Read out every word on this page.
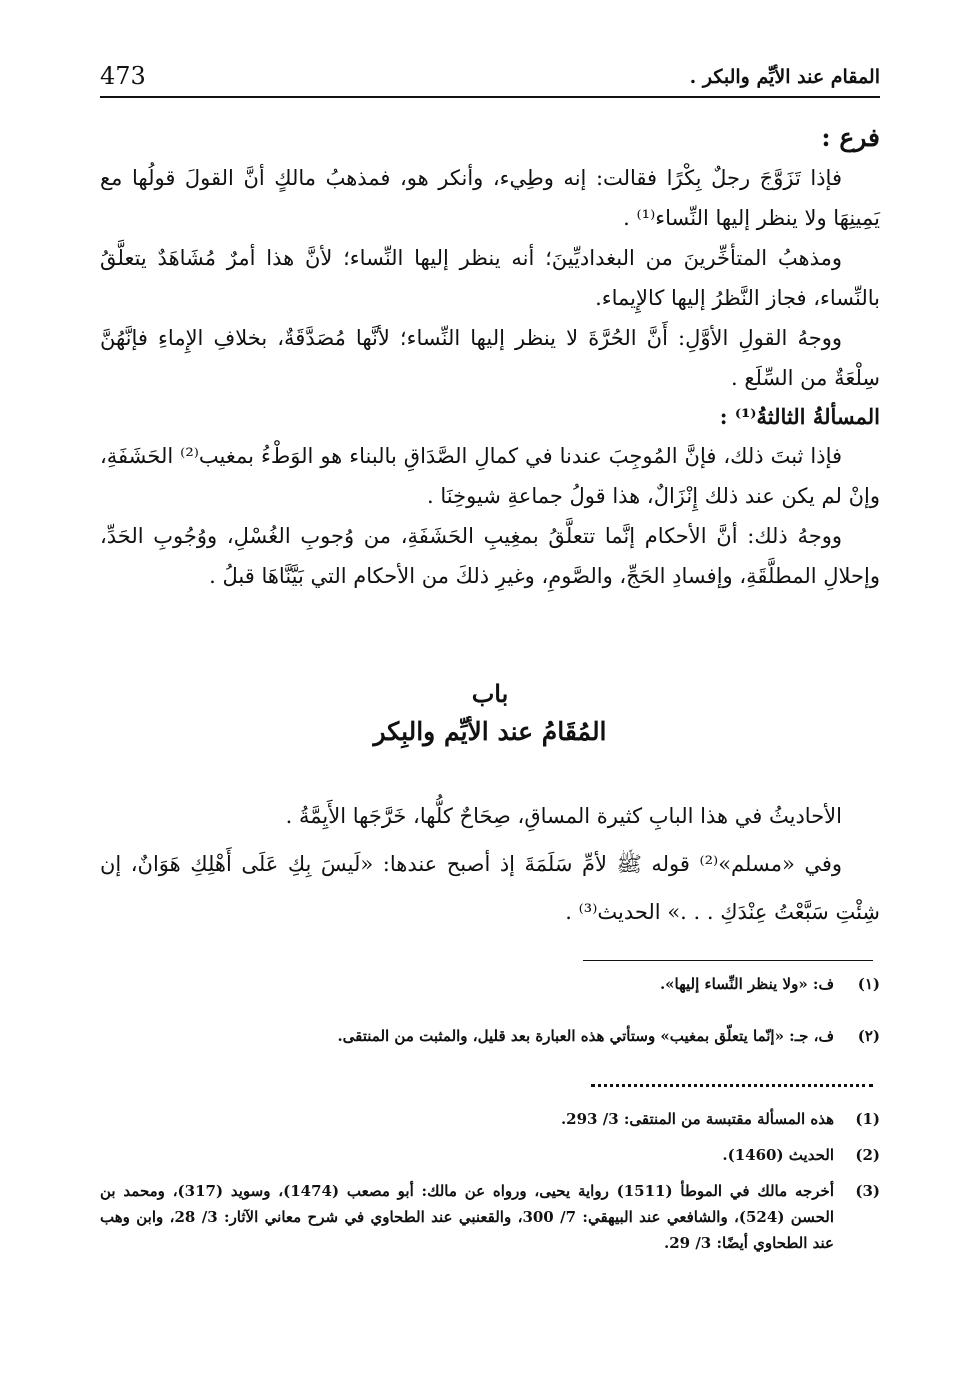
473	المقام عند الأيِّم والبكر .

فرع :

فإذا تَزَوَّجَ رجلٌ بِكْرًا فقالت: إنه وطِيء، وأنكر هو، فمذهبُ مالكٍ أنَّ القولَ قولُها مع يَمِينِهَا ولا ينظر إليها النِّساء⁽¹⁾ .

ومذهبُ المتأخِّرينَ من البغداديِّينَ؛ أنه ينظر إليها النِّساء؛ لأنَّ هذا أمرٌ مُشَاهَدٌ يتعلَّقُ بالنِّساء، فجاز النَّظرُ إليها كالإِيماء.

ووجهُ القولِ الأوَّلِ: أَنَّ الحُرَّةَ لا ينظر إليها النِّساء؛ لأنَّها مُصَدَّقَةٌ، بخلافِ الإِماءِ فإنَّهُنَّ سِلْعَةٌ من السِّلَع .

المسألةُ الثالثةُ⁽¹⁾ :

فإذا ثبتَ ذلك، فإنَّ المُوجِبَ عندنا في كمالِ الصَّدَاقِ بالبناء هو الوَطْءُ بمغيب⁽²⁾ الحَشَفَةِ، وإنْ لم يكن عند ذلك إِنْزَالٌ، هذا قولُ جماعةِ شيوخِنَا .

ووجهُ ذلك: أنَّ الأحكام إنَّما تتعلَّقُ بمغِيبِ الحَشَفَةِ، من وُجوبِ الغُسْلِ، ووُجُوبِ الحَدِّ، وإحلالِ المطلَّقَةِ، وإفسادِ الحَجِّ، والصَّومِ، وغيرِ ذلكَ من الأحكام التي بَيَّنَّاهَا قبلُ .

باب
المُقَامُ عند الأيِّم والبِكر

الأحاديثُ في هذا البابِ كثيرة المساقِ، صِحَاحٌ كلُّها، خَرَّجَها الأَيِمَّةُ .

وفي «مسلم»⁽²⁾ قوله ﷺ لأمِّ سَلَمَةَ إذ أصبح عندها: «لَيسَ بِكِ عَلَى أَهْلِكِ هَوَانٌ، إن شِئْتِ سَبَّعْتُ عِنْدَكِ . . .» الحديث⁽³⁾ .

(١)
ف: «ولا ينظر النِّساء إليها».
(٢)
ف، جـ: «إنّما يتعلّق بمغيب» وستأتي هذه العبارة بعد قليل، والمثبت من المنتقى.
(1)
هذه المسألة مقتبسة من المنتقى: 3/ 293.
(2)
الحديث (1460).
(3)
أخرجه مالك في الموطأ (1511) رواية يحيى، ورواه عن مالك: أبو مصعب (1474)، وسويد (317)، ومحمد بن الحسن (524)، والشافعي عند البيهقي: 7/ 300، والقعنبي عند الطحاوي في شرح معاني الآثار: 3/ 28، وابن وهب عند الطحاوي أيضًا: 3/ 29.
